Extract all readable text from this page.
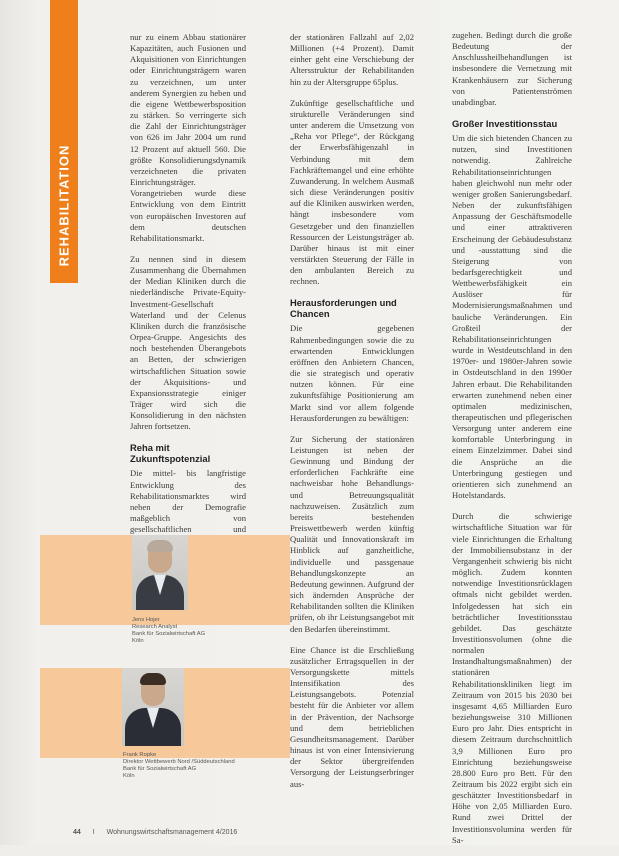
REHABILITATION

nur zu einem Abbau stationärer Kapazitäten, auch Fusionen und Akquisitionen von Einrichtungen oder Einrichtungsträgern waren zu verzeichnen, um unter anderem Synergien zu heben und die eigene Wettbewerbsposition zu stärken. So verringerte sich die Zahl der Einrichtungsträger von 626 im Jahr 2004 um rund 12 Prozent auf aktuell 560. Die größte Konsolidierungsdynamik verzeichneten die privaten Einrichtungsträger. Vorangetrieben wurde diese Entwicklung von dem Eintritt von europäischen Investoren auf dem deutschen Rehabilitationsmarkt.

Zu nennen sind in diesem Zusammenhang die Übernahmen der Median Kliniken durch die niederländische Private-Equity-Investment-Gesellschaft Waterland und der Celenus Kliniken durch die französische Orpea-Gruppe. Angesichts des noch bestehenden Überangebots an Betten, der schwierigen wirtschaftlichen Situation sowie der Akquisitions- und Expansionsstrategie einiger Träger wird sich die Konsolidierung in den nächsten Jahren fortsetzen.

Reha mit Zukunftspotenzial

Die mittel- bis langfristige Entwicklung des Rehabilitationsmarktes wird neben der Demografie maßgeblich von gesellschaftlichen und

Jens Hojer
Research Analyst
Bank für Sozialwirtschaft AG
Köln
Frank Ropke
Direktor Wettbewerb Nord /Süddeutschland
Bank für Sozialwirtschaft AG
Köln

der stationären Fallzahl auf 2,02 Millionen (+4 Prozent). Damit einher geht eine Verschiebung der Altersstruktur der Rehabilitanden hin zu der Altersgruppe 65plus.

Zukünftige gesellschaftliche und strukturelle Veränderungen sind unter anderem die Umsetzung von „Reha vor Pflege“, der Rückgang der Erwerbsfähigenzahl in Verbindung mit dem Fachkräftemangel und eine erhöhte Zuwanderung. In welchem Ausmaß sich diese Veränderungen positiv auf die Kliniken auswirken werden, hängt insbesondere vom Gesetzgeber und den finanziellen Ressourcen der Leistungsträger ab. Darüber hinaus ist mit einer verstärkten Steuerung der Fälle in den ambulanten Bereich zu rechnen.

Herausforderungen und Chancen

Die gegebenen Rahmenbedingungen sowie die zu erwartenden Entwicklungen eröffnen den Anbietern Chancen, die sie strategisch und operativ nutzen können. Für eine zukunftsfähige Positionierung am Markt sind vor allem folgende Herausforderungen zu bewältigen:

Zur Sicherung der stationären Leistungen ist neben der Gewinnung und Bindung der erforderlichen Fachkräfte eine nachweisbar hohe Behandlungs- und Betreuungsqualität nachzuweisen. Zusätzlich zum bereits bestehenden Preiswettbewerb werden künftig Qualität und Innovationskraft im Hinblick auf ganzheitliche, individuelle und passgenaue Behandlungskonzepte an Bedeutung gewinnen. Aufgrund der sich ändernden Ansprüche der Rehabilitanden sollten die Kliniken prüfen, ob ihr Leistungsangebot mit den Bedarfen übereinstimmt.

Eine Chance ist die Erschließung zusätzlicher Ertragsquellen in der Versorgungskette mittels Intensifikation des Leistungsangebots. Potenzial besteht für die Anbieter vor allem in der Prävention, der Nachsorge und dem betrieblichen Gesundheitsmanagement. Darüber hinaus ist von einer Intensivierung der Sektor übergreifenden Versorgung der Leistungserbringer aus-

zugehen. Bedingt durch die große Bedeutung der Anschlussheilbehandlungen ist insbesondere die Vernetzung mit Krankenhäusern zur Sicherung von Patientenströmen unabdingbar.

Großer Investitionsstau

Um die sich bietenden Chancen zu nutzen, sind Investitionen notwendig. Zahlreiche Rehabilitationseinrichtungen haben gleichwohl nun mehr oder weniger großen Sanierungsbedarf. Neben der zukunftsfähigen Anpassung der Geschäftsmodelle und einer attraktiveren Erscheinung der Gebäudesubstanz und -ausstattung sind die Steigerung von bedarfsgerechtigkeit und Wettbewerbsfähigkeit ein Auslöser für Modernisierungsmaßnahmen und bauliche Veränderungen. Ein Großteil der Rehabilitationseinrichtungen wurde in Westdeutschland in den 1970er- und 1980er-Jahren sowie in Ostdeutschland in den 1990er Jahren erbaut. Die Rehabilitanden erwarten zunehmend neben einer optimalen medizinischen, therapeutischen und pflegerischen Versorgung unter anderem eine komfortable Unterbringung in einem Einzelzimmer. Dabei sind die Ansprüche an die Unterbringung gestiegen und orientieren sich zunehmend an Hotelstandards.

Durch die schwierige wirtschaftliche Situation war für viele Einrichtungen die Erhaltung der Immobiliensubstanz in der Vergangenheit schwierig bis nicht möglich. Zudem konnten notwendige Investitionsrücklagen oftmals nicht gebildet werden. Infolgedessen hat sich ein beträchtlicher Investitionsstau gebildet. Das geschätzte Investitionsvolumen (ohne die normalen Instandhaltungsmaßnahmen) der stationären Rehabilitationskliniken liegt im Zeitraum von 2015 bis 2030 bei insgesamt 4,65 Milliarden Euro beziehungsweise 310 Millionen Euro pro Jahr. Dies entspricht in diesem Zeitraum durchschnittlich 3,9 Millionen Euro pro Einrichtung beziehungsweise 28.800 Euro pro Bett. Für den Zeitraum bis 2022 ergibt sich ein geschätzter Investitionsbedarf in Höhe von 2,05 Milliarden Euro. Rund zwei Drittel der Investitionsvolumina werden für Sa-

44 I Wohnungswirtschaftsmanagement 4/2016
